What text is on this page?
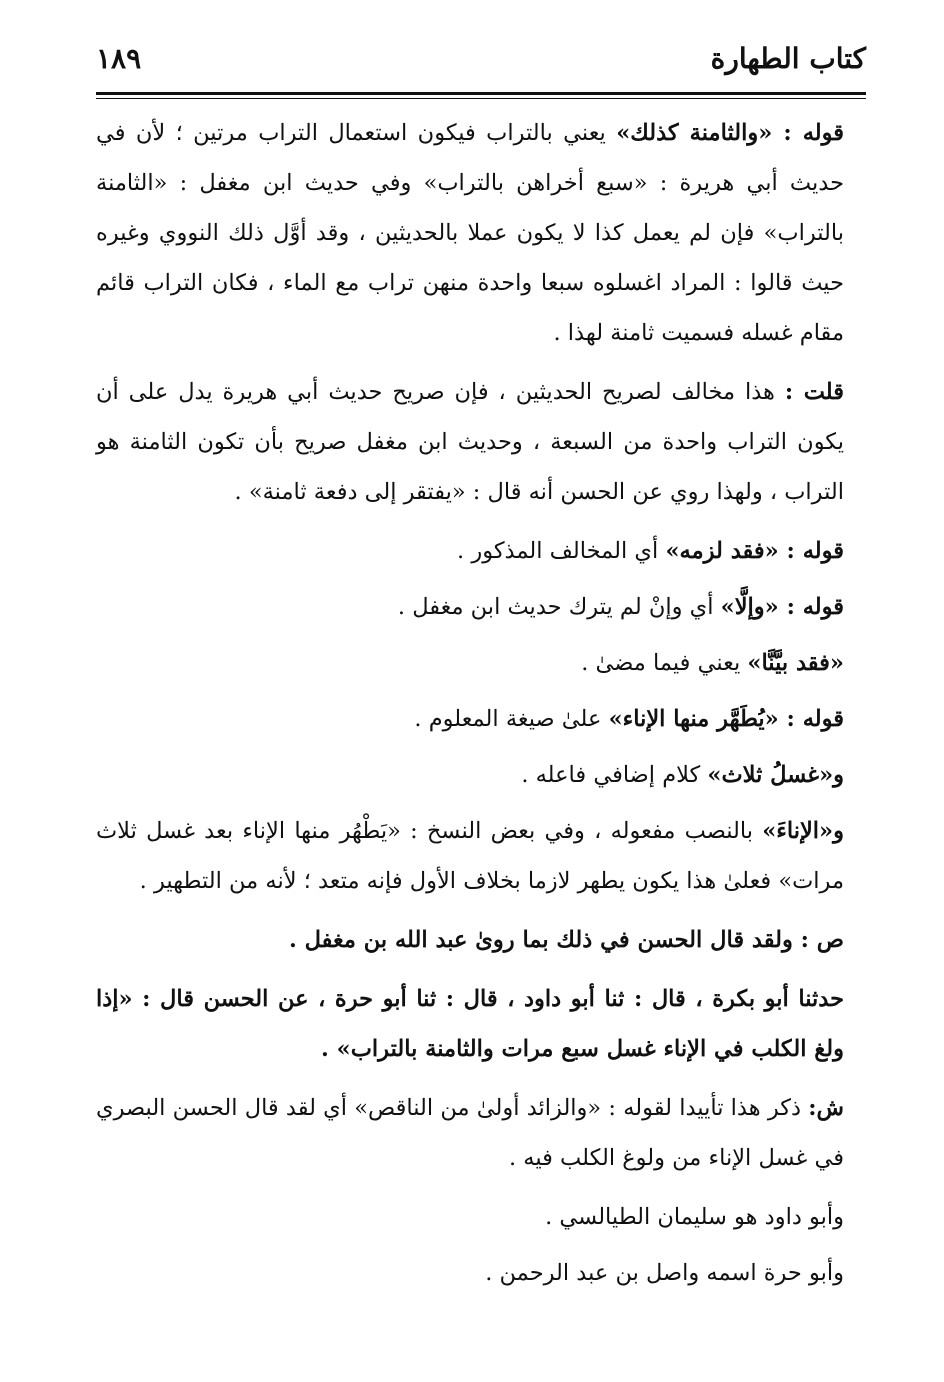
كتاب الطهارة
١٨٩

قوله : «والثامنة كذلك» يعني بالتراب فيكون استعمال التراب مرتين ؛ لأن في حديث أبي هريرة : «سبع أخراهن بالتراب» وفي حديث ابن مغفل : «الثامنة بالتراب» فإن لم يعمل كذا لا يكون عملا بالحديثين ، وقد أوَّل ذلك النووي وغيره حيث قالوا : المراد اغسلوه سبعا واحدة منهن تراب مع الماء ، فكان التراب قائم مقام غسله فسميت ثامنة لهذا .

قلت : هذا مخالف لصريح الحديثين ، فإن صريح حديث أبي هريرة يدل على أن يكون التراب واحدة من السبعة ، وحديث ابن مغفل صريح بأن تكون الثامنة هو التراب ، ولهذا روي عن الحسن أنه قال : «يفتقر إلى دفعة ثامنة» .

قوله : «فقد لزمه» أي المخالف المذكور .

قوله : «وإلَّا» أي وإنْ لم يترك حديث ابن مغفل .

«فقد بيَّنَّا» يعني فيما مضىٰ .

قوله : «يُطَهَّر منها الإناء» علىٰ صيغة المعلوم .

و«غسلُ ثلاث» كلام إضافي فاعله .

و«الإناءَ» بالنصب مفعوله ، وفي بعض النسخ : «يَطْهُر منها الإناء بعد غسل ثلاث مرات» فعلىٰ هذا يكون يطهر لازما بخلاف الأول فإنه متعد ؛ لأنه من التطهير .

ص : ولقد قال الحسن في ذلك بما روىٰ عبد الله بن مغفل .

حدثنا أبو بكرة ، قال : ثنا أبو داود ، قال : ثنا أبو حرة ، عن الحسن قال : «إذا ولغ الكلب في الإناء غسل سبع مرات والثامنة بالتراب» .

ش: ذكر هذا تأييدا لقوله : «والزائد أولىٰ من الناقص» أي لقد قال الحسن البصري في غسل الإناء من ولوغ الكلب فيه .

وأبو داود هو سليمان الطيالسي .

وأبو حرة اسمه واصل بن عبد الرحمن .
